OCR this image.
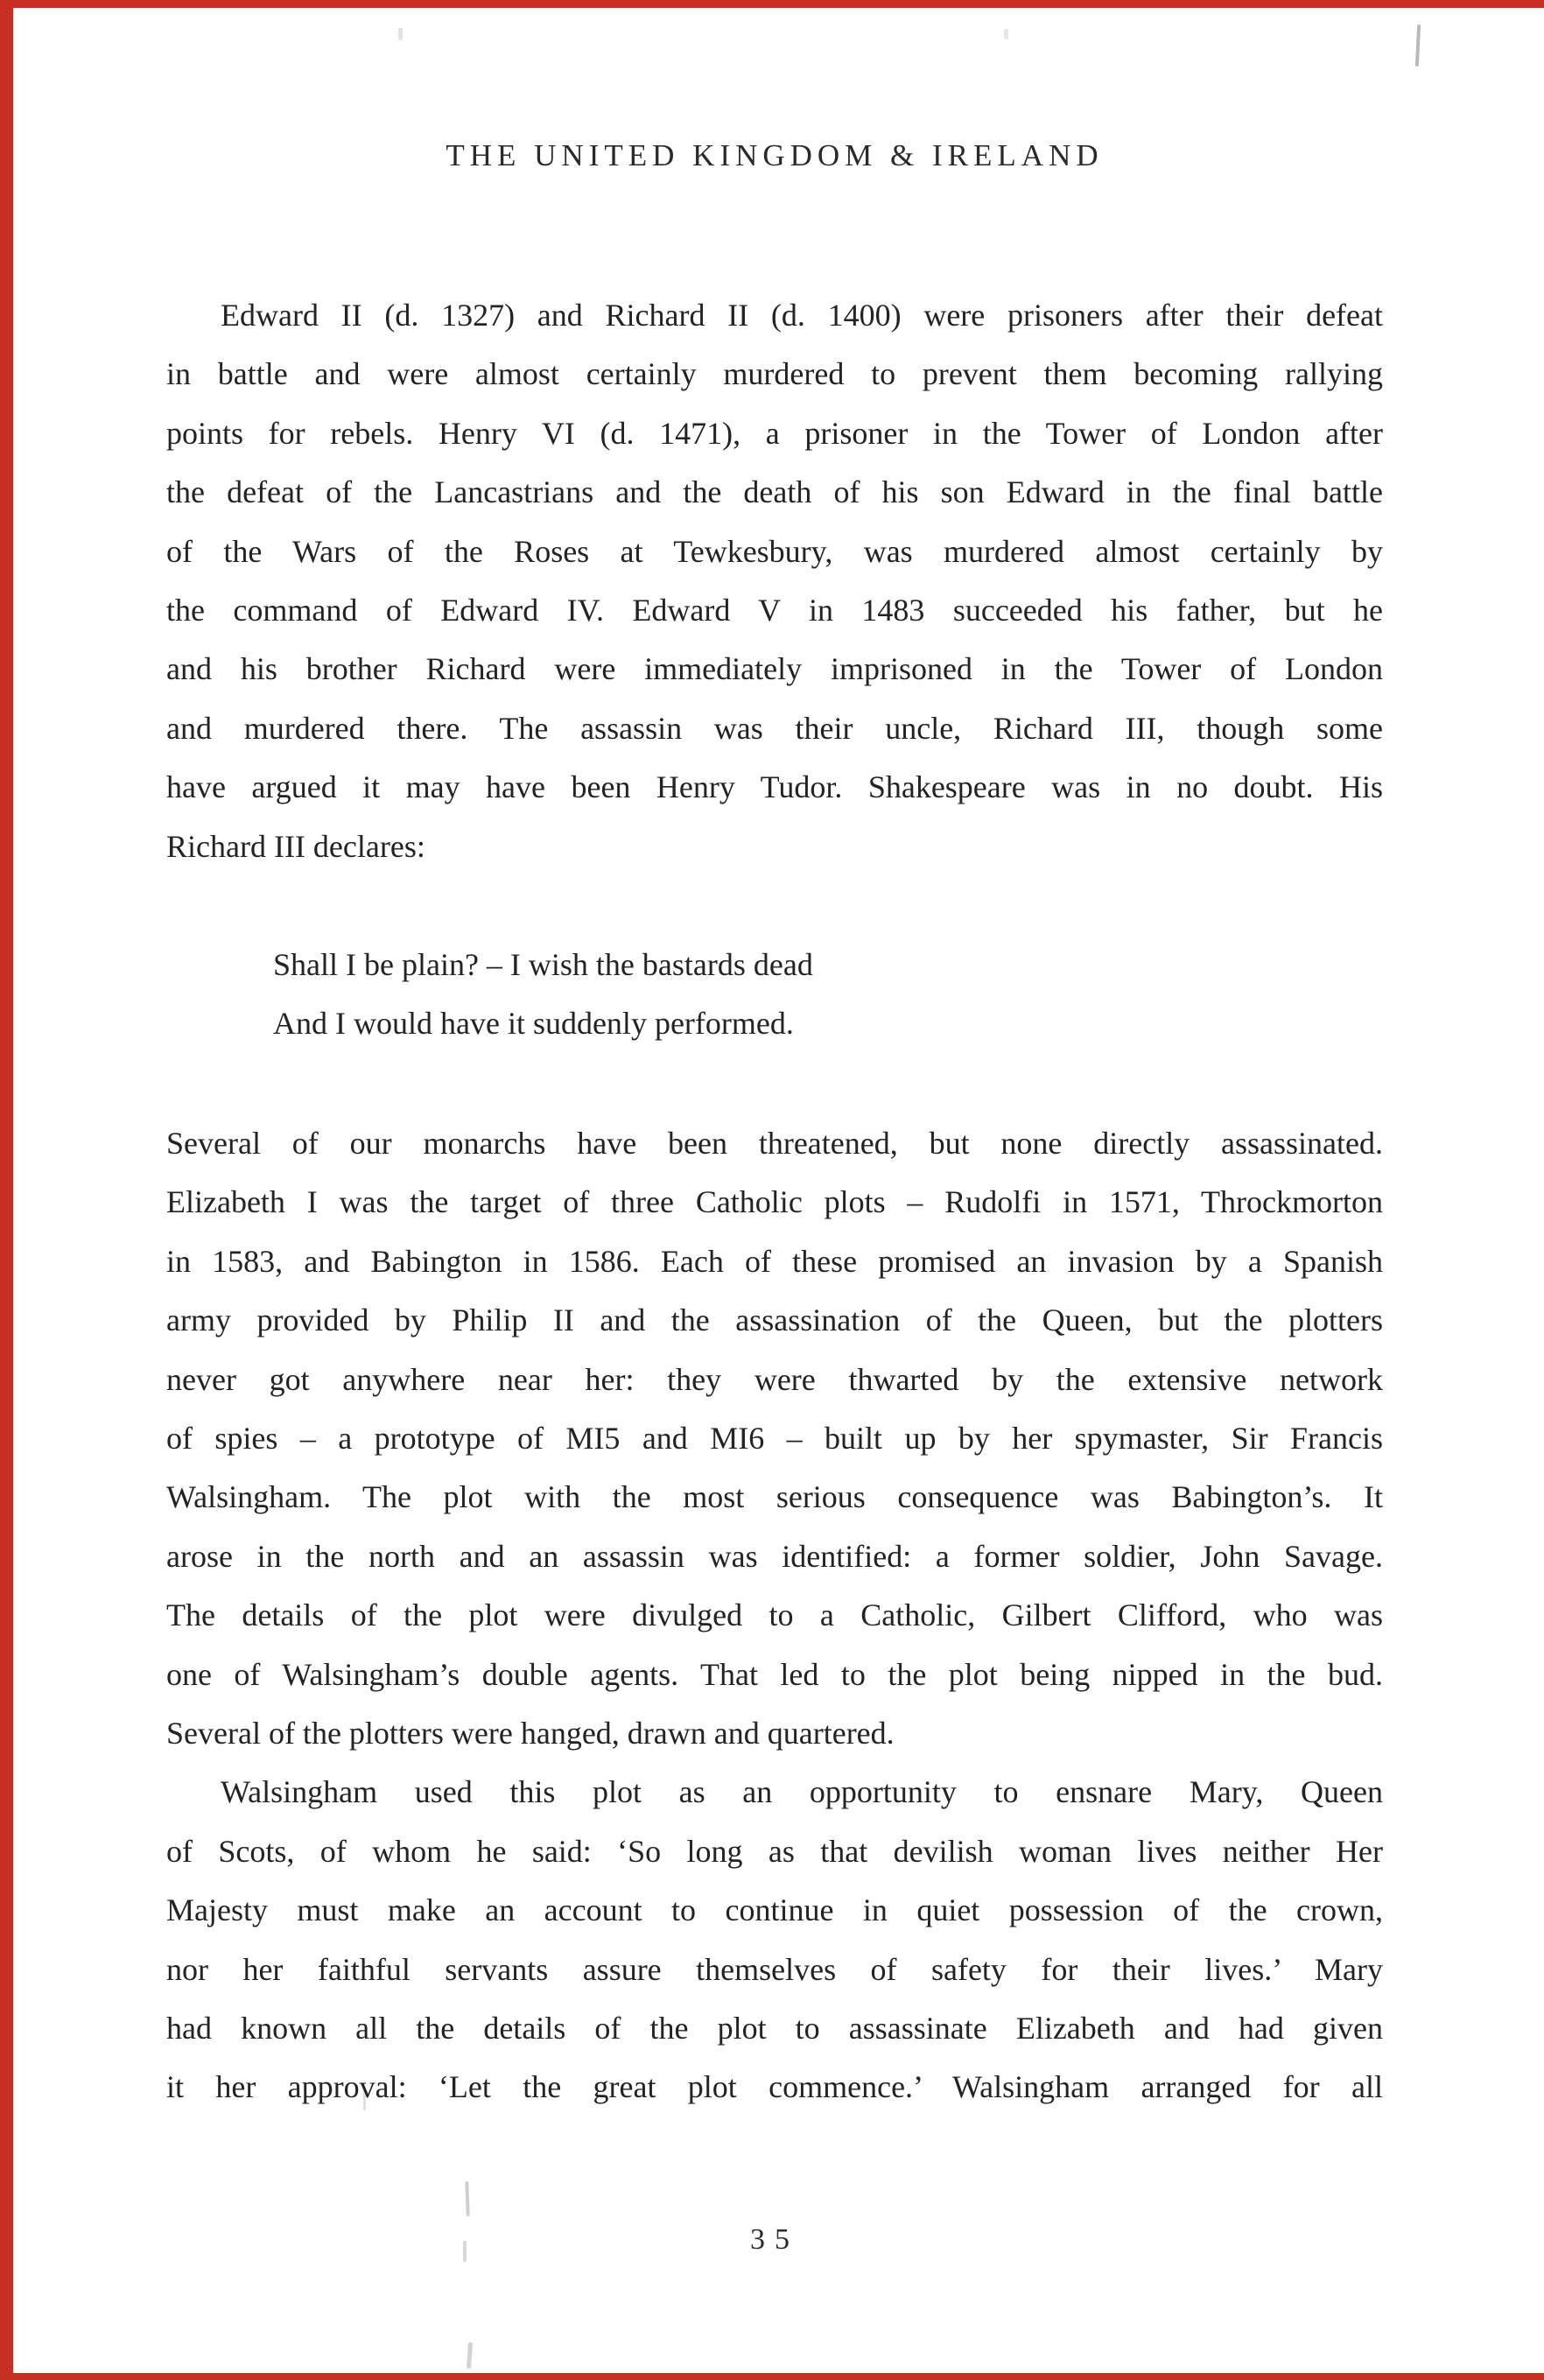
THE UNITED KINGDOM & IRELAND
Edward II (d. 1327) and Richard II (d. 1400) were prisoners after their defeat
in battle and were almost certainly murdered to prevent them becoming rallying
points for rebels. Henry VI (d. 1471), a prisoner in the Tower of London after
the defeat of the Lancastrians and the death of his son Edward in the final battle
of the Wars of the Roses at Tewkesbury, was murdered almost certainly by
the command of Edward IV. Edward V in 1483 succeeded his father, but he
and his brother Richard were immediately imprisoned in the Tower of London
and murdered there. The assassin was their uncle, Richard III, though some
have argued it may have been Henry Tudor. Shakespeare was in no doubt. His
Richard III declares:
Shall I be plain? – I wish the bastards dead
And I would have it suddenly performed.
Several of our monarchs have been threatened, but none directly assassinated.
Elizabeth I was the target of three Catholic plots – Rudolfi in 1571, Throckmorton
in 1583, and Babington in 1586. Each of these promised an invasion by a Spanish
army provided by Philip II and the assassination of the Queen, but the plotters
never got anywhere near her: they were thwarted by the extensive network
of spies – a prototype of MI5 and MI6 – built up by her spymaster, Sir Francis
Walsingham. The plot with the most serious consequence was Babington’s. It
arose in the north and an assassin was identified: a former soldier, John Savage.
The details of the plot were divulged to a Catholic, Gilbert Clifford, who was
one of Walsingham’s double agents. That led to the plot being nipped in the bud.
Several of the plotters were hanged, drawn and quartered.
Walsingham used this plot as an opportunity to ensnare Mary, Queen
of Scots, of whom he said: ‘So long as that devilish woman lives neither Her
Majesty must make an account to continue in quiet possession of the crown,
nor her faithful servants assure themselves of safety for their lives.’ Mary
had known all the details of the plot to assassinate Elizabeth and had given
it her approval: ‘Let the great plot commence.’ Walsingham arranged for all
35
